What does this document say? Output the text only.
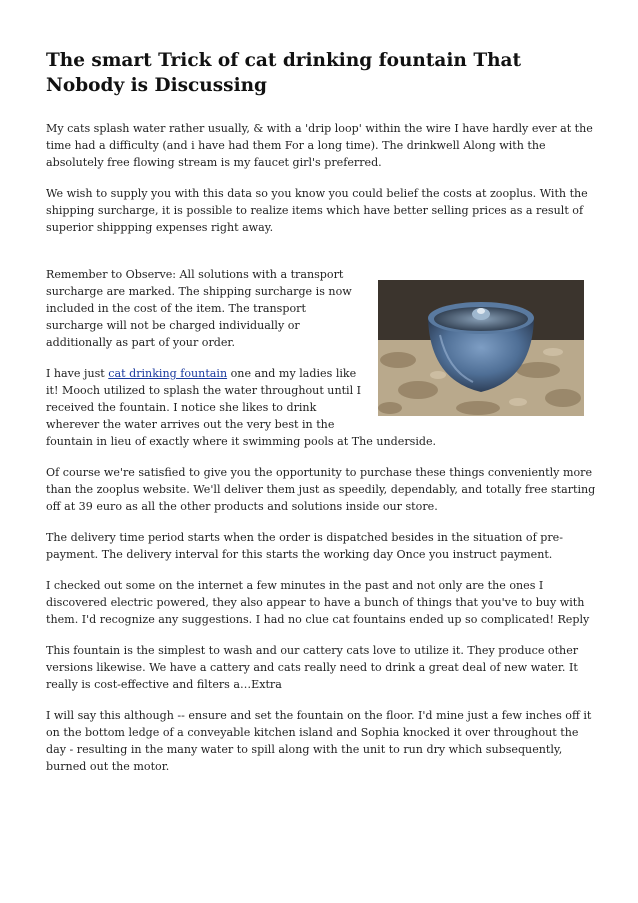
The smart Trick of cat drinking fountain That Nobody is Discussing

My cats splash water rather usually, & with a 'drip loop' within the wire I have hardly ever at the time had a difficulty (and i have had them For a long time). The drinkwell Along with the absolutely free flowing stream is my faucet girl's preferred.

We wish to supply you with this data so you know you could belief the costs at zooplus. With the shipping surcharge, it is possible to realize items which have better selling prices as a result of superior shippping expenses right away.

Remember to Observe: All solutions with a transport surcharge are marked. The shipping surcharge is now included in the cost of the item. The transport surcharge will not be charged individually or additionally as part of your order.

I have just cat drinking fountain one and my ladies like it! Mooch utilized to splash the water throughout until I received the fountain. I notice she likes to drink wherever the water arrives out the very best in the fountain in lieu of exactly where it swimming pools at The underside.

Of course we're satisfied to give you the opportunity to purchase these things conveniently more than the zooplus website. We'll deliver them just as speedily, dependably, and totally free starting off at 39 euro as all the other products and solutions inside our store.

The delivery time period starts when the order is dispatched besides in the situation of pre-payment. The delivery interval for this starts the working day Once you instruct payment.

I checked out some on the internet a few minutes in the past and not only are the ones I discovered electric powered, they also appear to have a bunch of things that you've to buy with them. I'd recognize any suggestions. I had no clue cat fountains ended up so complicated! Reply

This fountain is the simplest to wash and our cattery cats love to utilize it. They produce other versions likewise. We have a cattery and cats really need to drink a great deal of new water. It really is cost-effective and filters a…Extra

I will say this although -- ensure and set the fountain on the floor. I'd mine just a few inches off it on the bottom ledge of a conveyable kitchen island and Sophia knocked it over throughout the day - resulting in the many water to spill along with the unit to run dry which subsequently, burned out the motor.
